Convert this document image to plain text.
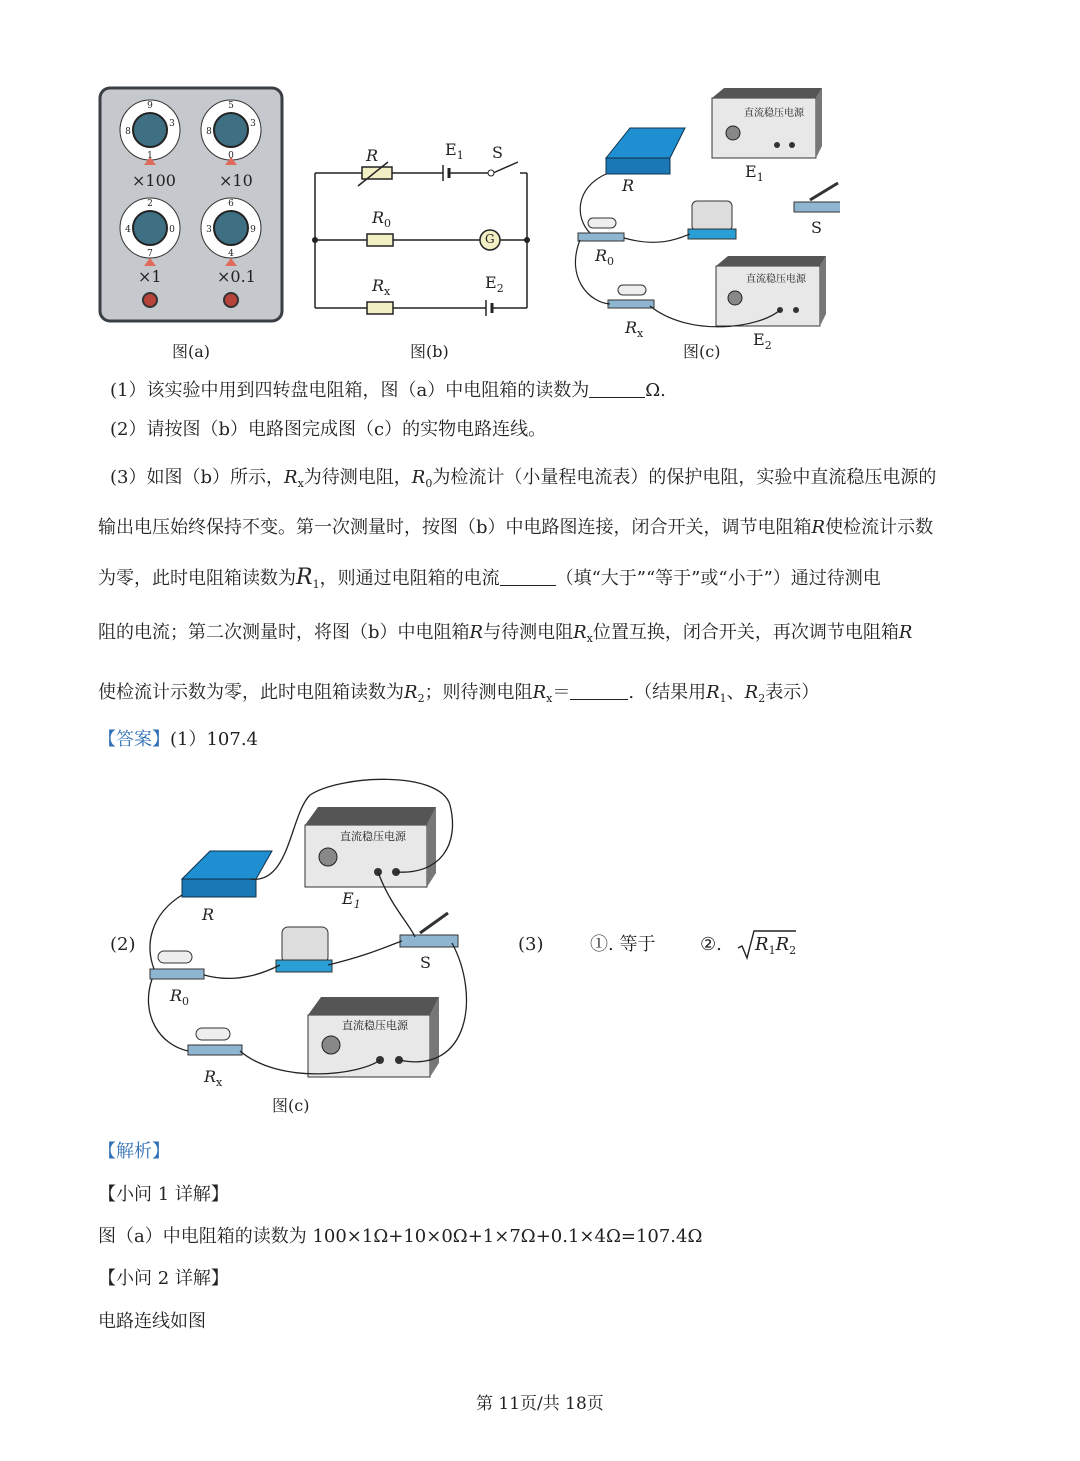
9
3
1
8
5
3
0
8
2
0
7
4
6
9
4
3
×100	×10
×1	×0.1
图(a)
R	$E_1$ S
$R_0$
G
$R_x$	$E_2$
图(b)
直流稳压电源
直流稳压电源
R
$E_1$
S
$R_0$
$R_x$	$E_2$
图(c)
(1）该实验中用到四转盘电阻箱，图（a）中电阻箱的读数为	Ω.
(2）请按图（b）电路图完成图（c）的实物电路连线。
(3）如图（b）所示，$R_x$为待测电阻，$R_0$为检流计（小量程电流表）的保护电阻，实验中直流稳压电源的
输出电压始终保持不变。第一次测量时，按图（b）中电路图连接，闭合开关，调节电阻箱R使检流计示数
为零，此时电阻箱读数为$R_1$，则通过电阻箱的电流	（填“大于”“等于”或“小于”）通过待测电
阻的电流；第二次测量时，将图（b）中电阻箱R与待测电阻$R_x$位置互换，闭合开关，再次调节电阻箱R
使检流计示数为零，此时电阻箱读数为$R_2$；则待测电阻$R_x=$	.（结果用$R_1$、$R_2$表示）
【答案】(1）107.4
(2)
直流稳压电源
直流稳压电源
R
$E_1$
S
$R_0$
$R_x$
图(c)
(3)	①. 等于 ②. $R_1R_2$
【解析】
【小问 1 详解】
图（a）中电阻箱的读数为 100×1Ω+10×0Ω+1×7Ω+0.1×4Ω=107.4Ω
【小问 2 详解】
电路连线如图
第 11页/共 18页
